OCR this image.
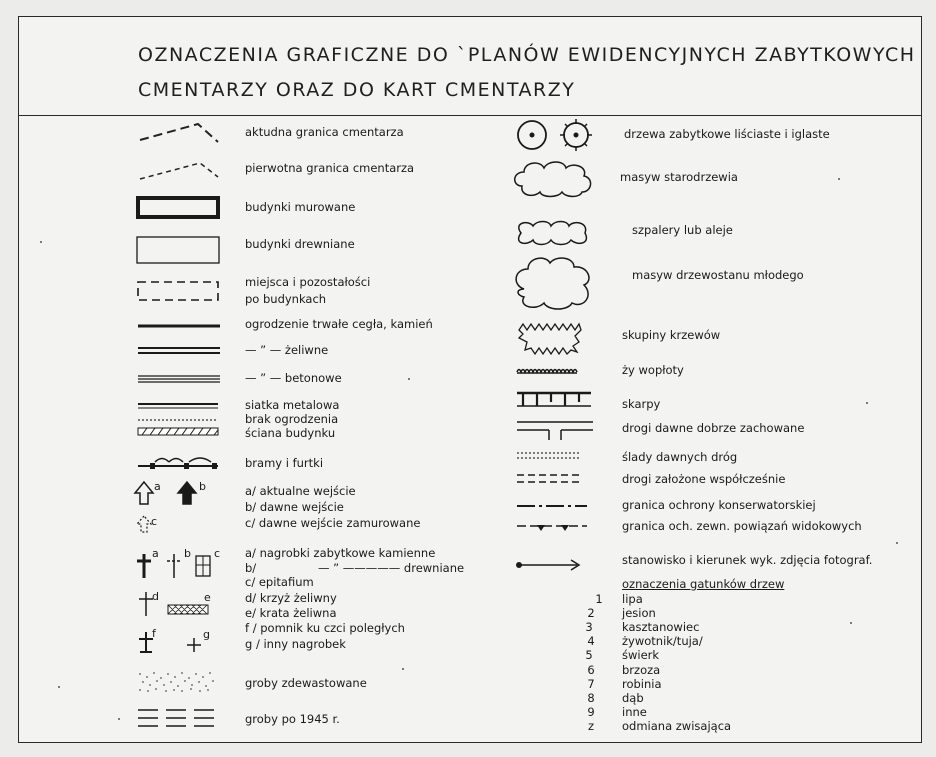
OZNACZENIA GRAFICZNE DO ˋPLANÓW EWIDENCYJNYCH ZABYTKOWYCH
CMENTARZY ORAZ DO KART CMENTARZY
aktudna granica cmentarza
pierwotna granica cmentarza
budynki murowane
budynki drewniane
miejsca i pozostałości
po budynkach
ogrodzenie trwałe cegła, kamień
— ” — żeliwne
— ” — betonowe
siatka metalowa
brak ogrodzenia
ściana budynku
bramy i furtki
a	b
c
a/ aktualne wejście
b/ dawne wejście
c/ dawne wejście zamurowane
a b c a/ nagrobki zabytkowe kamienne
b/	— ” ————— drewniane
c/ epitafium
d	e	d/ krzyż żeliwny
e/ krata żeliwna
f	g	f / pomnik ku czci poległych
g / inny nagrobek
groby zdewastowane
groby po 1945 r.
drzewa zabytkowe liściaste i iglaste
masyw starodrzewia
szpalery lub aleje
masyw drzewostanu młodego
skupiny krzewów
ży wopłoty
skarpy
drogi dawne dobrze zachowane
ślady dawnych dróg
drogi założone współcześnie
granica ochrony konserwatorskiej
granica och. zewn. powiązań widokowych
stanowisko i kierunek wyk. zdjęcia fotograf.
oznaczenia gatunków drzew
1	lipa
2	jesion
3	kasztanowiec
4	żywotnik/tuja/
5	świerk
6	brzoza
7	robinia
8	dąb
9	inne
z	odmiana zwisająca
